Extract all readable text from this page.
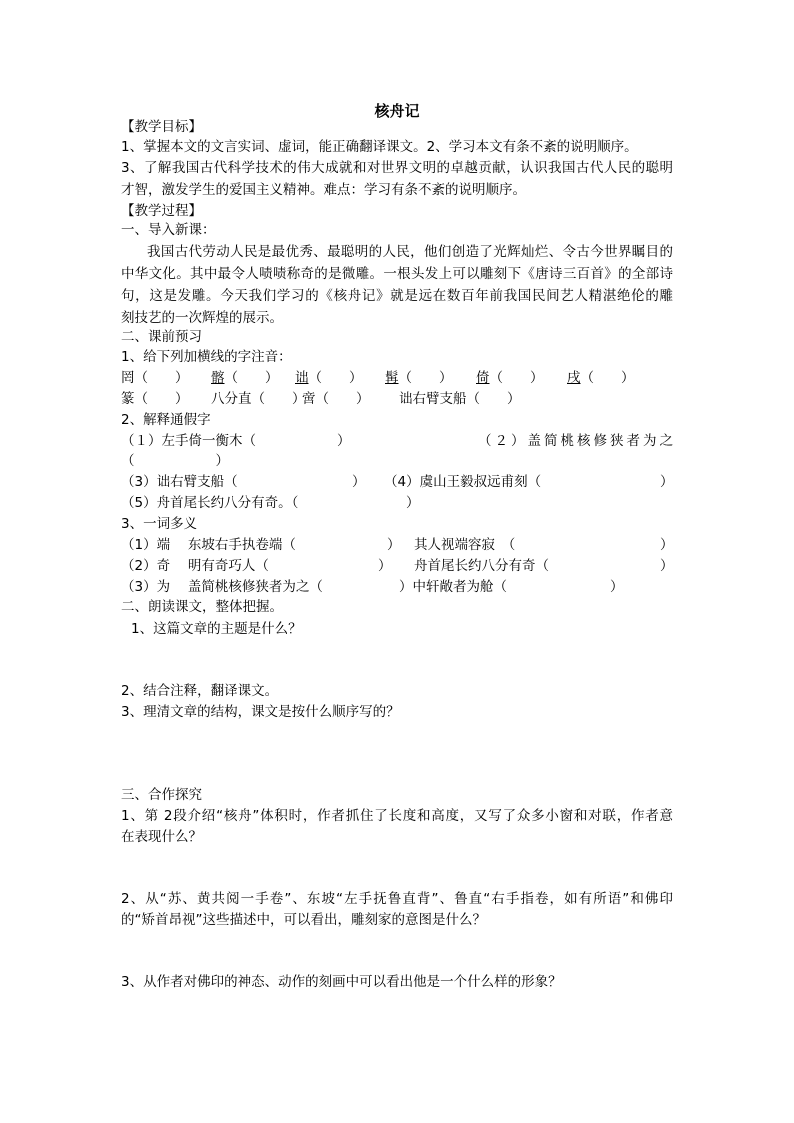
核舟记
【教学目标】
1、掌握本文的文言实词、虚词，能正确翻译课文。2、学习本文有条不紊的说明顺序。
3、了解我国古代科学技术的伟大成就和对世界文明的卓越贡献，认识我国古代人民的聪明
才智，激发学生的爱国主义精神。难点：学习有条不紊的说明顺序。
【教学过程】
一、导入新课：
我国古代劳动人民是最优秀、最聪明的人民，他们创造了光辉灿烂、令古今世界瞩目的
中华文化。其中最令人啧啧称奇的是微雕。一根头发上可以雕刻下《唐诗三百首》的全部诗
句，这是发雕。今天我们学习的《核舟记》就是远在数百年前我国民间艺人精湛绝伦的雕
刻技艺的一次辉煌的展示。
二、课前预习
1、给下列加横线的字注音：
罔（　　） 髂（　　） 诎（　　） 髯（　　） 倚（　　） 戌（　　）
篆（　　） 八分直（　　）
啻（　　） 诎右臂支船（　　）
2、解释通假字
（１）左手倚一衡木（　　　　　　）	（２）盖简桃核修狭者为之
（　　　　　　）
（3）诎右臂支船（	） （4）虞山王毅叔远甫刻（	）
（5）舟首尾长约八分有奇。（	）
3、一词多义
（1）端　 东坡右手执卷端（	） 其人视端容寂　（	）
（2）奇　 明有奇巧人（	） 舟首尾长约八分有奇（	）
（3）为　 盖简桃核修狭者为之（	）中轩敞者为舱（	）
二、朗读课文，整体把握。
1、这篇文章的主题是什么？
2、结合注释，翻译课文。
3、理清文章的结构，课文是按什么顺序写的？
三、合作探究
1、第 2段介绍“核舟”体积时，作者抓住了长度和高度，又写了众多小窗和对联，作者意
在表现什么？
2、从“苏、黄共阅一手卷”、东坡“左手抚鲁直背”、鲁直“右手指卷，如有所语”和佛印
的“矫首昂视”这些描述中，可以看出，雕刻家的意图是什么？
3、从作者对佛印的神态、动作的刻画中可以看出他是一个什么样的形象？
